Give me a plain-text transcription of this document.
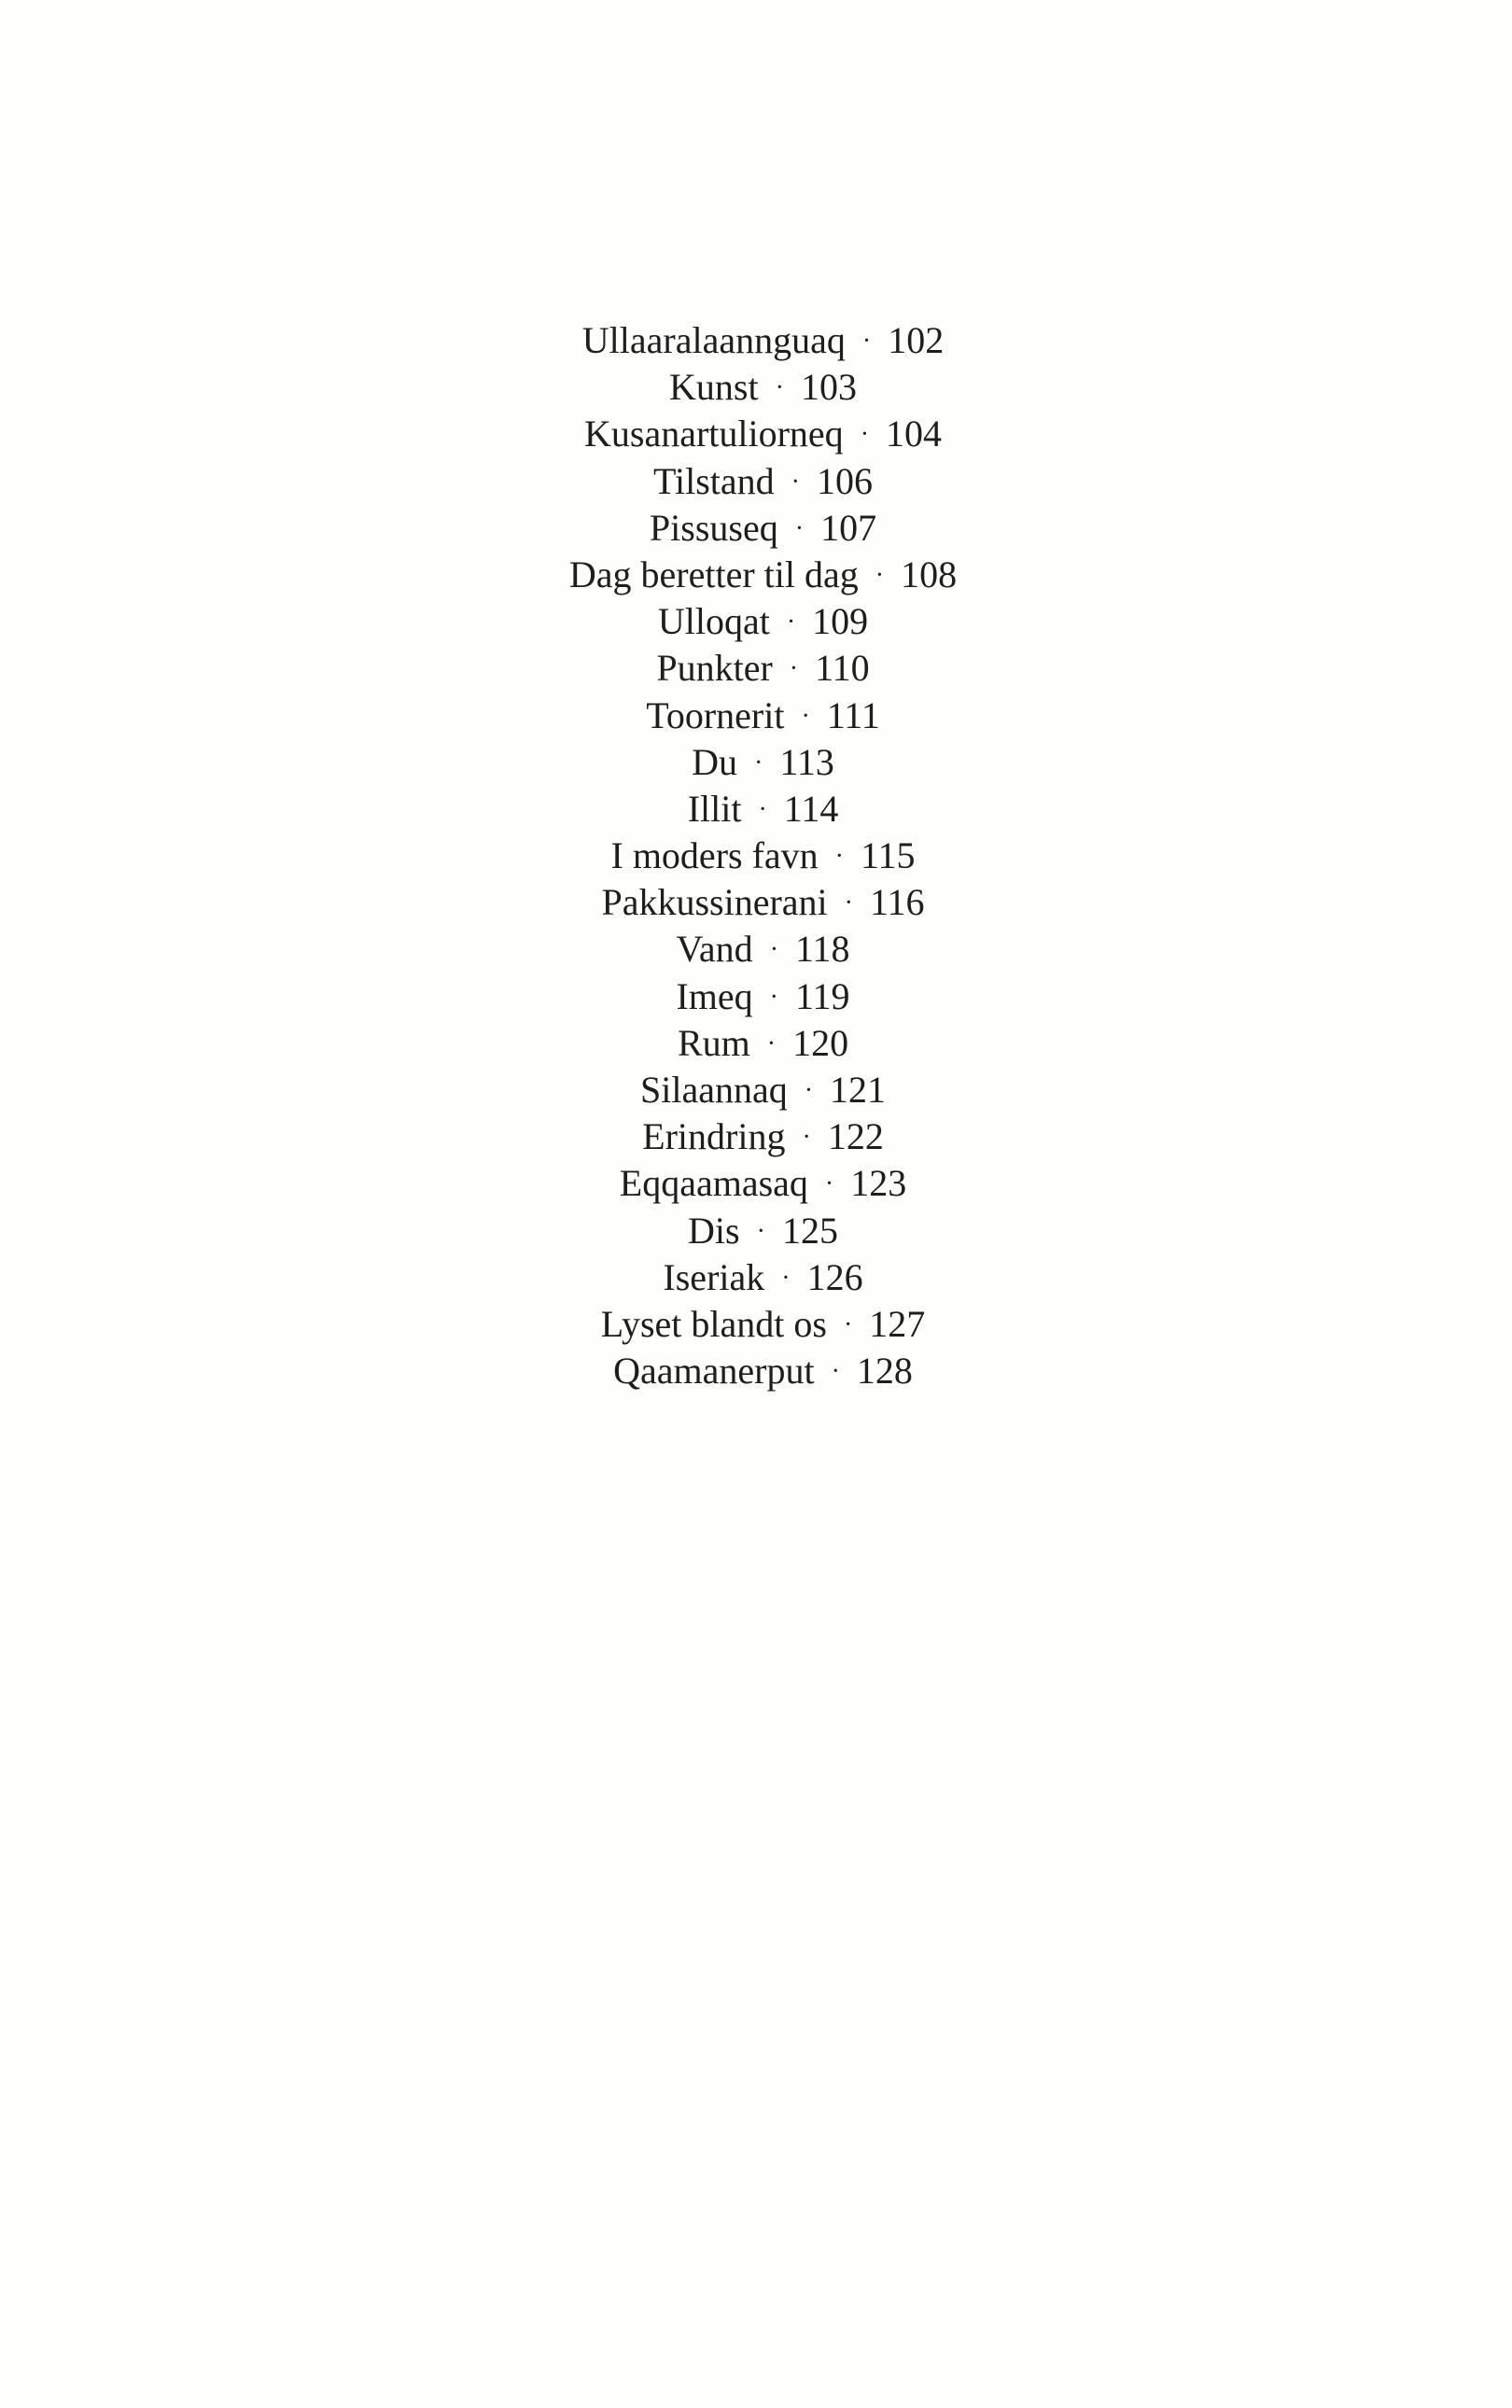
Ullaaralaannguaq · 102
Kunst · 103
Kusanartuliorneq · 104
Tilstand · 106
Pissuseq · 107
Dag beretter til dag · 108
Ulloqat · 109
Punkter · 110
Toornerit · 111
Du · 113
Illit · 114
I moders favn · 115
Pakkussinerani · 116
Vand · 118
Imeq · 119
Rum · 120
Silaannaq · 121
Erindring · 122
Eqqaamasaq · 123
Dis · 125
Iseriak · 126
Lyset blandt os · 127
Qaamanerput · 128
